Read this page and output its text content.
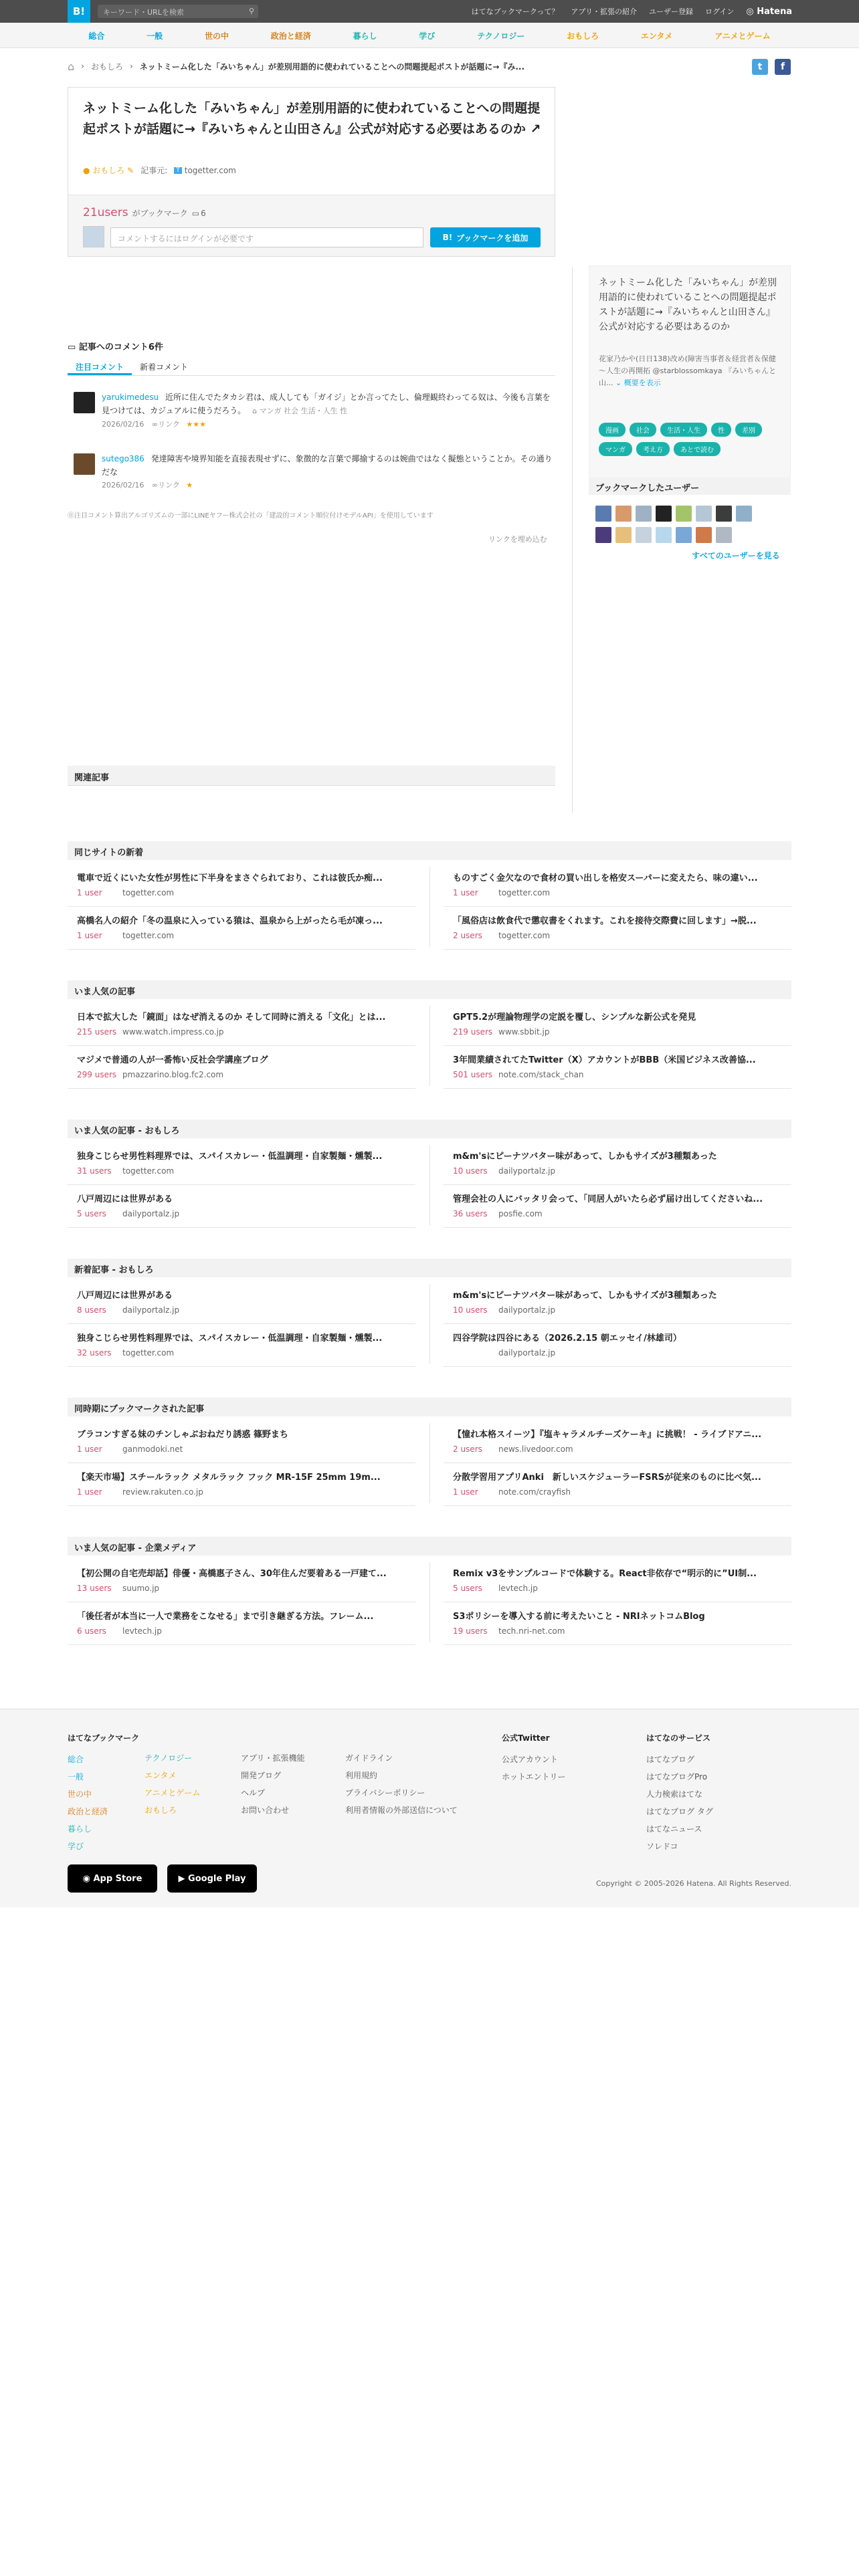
B!	キーワード・URLを検索	⚲	はてなブックマークって？ アプリ・拡張の紹介 ユーザー登録 ログイン ◎ Hatena
総合	一般	世の中	政治と経済	暮らし	学び	テクノロジー	おもしろ	エンタメ	アニメとゲーム
⌂ › おもしろ › ネットミーム化した「みいちゃん」が差別用語的に使われていることへの問題提起ポストが話題に→『み...	t	f
ネットミーム化した「みいちゃん」が差別用語的に使われていることへの問題提起ポストが話題に→『みいちゃんと山田さん』公式が対応する必要はあるのか ↗
● おもしろ ✎ 記事元:	T togetter.com
21users がブックマーク ▭ 6
コメントするにはログインが必要です	B! ブックマークを追加
▭ 記事へのコメント6件
注目コメント	新着コメント
yarukimedesu 近所に住んでたタカシ君は、成人しても「ガイジ」とか言ってたし、倫理観終わってる奴は、今後も言葉を見つけては、カジュアルに使うだろう。 ⌂ マンガ 社会 生活・人生 性
2026/02/16 ∞リンク ★★★
sutego386 発達障害や境界知能を直接表現せずに、象徴的な言葉で揶揄するのは婉曲ではなく擬態ということか。その通りだな
2026/02/16 ∞リンク ★
⓪注目コメント算出アルゴリズムの一部にLINEヤフー株式会社の「建設的コメント順位付けモデルAPI」を使用しています
リンクを埋め込む
関連記事
ネットミーム化した「みいちゃん」が差別用語的に使われていることへの問題提起ポストが話題に→『みいちゃんと山田さん』公式が対応する必要はあるのか
花家乃かや(日日138)改め(障害当事者＆経営者＆保健～人生の再開拓 @starblossomkaya 『みいちゃんと山... ⌄ 概要を表示
漫画	社会	生活・人生	性	差別
マンガ	考え方	あとで読む
ブックマークしたユーザー
すべてのユーザーを見る
同じサイトの新着
電車で近くにいた女性が男性に下半身をまさぐられており、これは彼氏か痴...
1 user	togetter.com
ものすごく金欠なので食材の買い出しを格安スーパーに変えたら、味の違い...
1 user	togetter.com
高橋名人の紹介「冬の温泉に入っている猿は、温泉から上がったら毛が凍っ...
1 user	togetter.com
「風俗店は飲食代で懲収書をくれます。これを接待交際費に回します」→脱...
2 users togetter.com
いま人気の記事
日本で拡大した「鏡面」はなぜ消えるのか そして同時に消える「文化」とは...
215 users www.watch.impress.co.jp
GPT5.2が理論物理学の定説を覆し、シンプルな新公式を発見
219 users www.sbbit.jp
マジメで普通の人が一番怖い反社会学講座ブログ
299 users pmazzarino.blog.fc2.com
3年間業績されてたTwitter（X）アカウントがBBB（米国ビジネス改善協...
501 users note.com/stack_chan
いま人気の記事 - おもしろ
独身こじらせ男性料理界では、スパイスカレー・低温調理・自家製麺・燻製...
31 users togetter.com
m&m'sにピーナツバター味があって、しかもサイズが3種類あった
10 users dailyportalz.jp
八戸周辺には世界がある
5 users dailyportalz.jp
管理会社の人にバッタリ会って、「同居人がいたら必ず届け出してくださいね...
36 users posfie.com
新着記事 - おもしろ
八戸周辺には世界がある
8 users dailyportalz.jp
m&m'sにピーナツバター味があって、しかもサイズが3種類あった
10 users dailyportalz.jp
独身こじらせ男性料理界では、スパイスカレー・低温調理・自家製麺・燻製...
32 users togetter.com
四谷学院は四谷にある（2026.2.15 朝エッセイ/林雄司）
dailyportalz.jp
同時期にブックマークされた記事
ブラコンすぎる妹のチンしゃぶおねだり誘惑 篠野まち
1 user	ganmodoki.net
【憧れ本格スイーツ】『塩キャラメルチーズケーキ』に挑戦！ - ライブドアニ...
2 users news.livedoor.com
【楽天市場】スチールラック メタルラック フック MR-15F 25mm 19m...
1 user	review.rakuten.co.jp
分散学習用アプリAnki　新しいスケジューラーFSRSが従来のものに比べ気...
1 user	note.com/crayfish
いま人気の記事 - 企業メディア
【初公開の自宅売却話】俳優・高橋惠子さん、30年住んだ要着ある一戸建て...
13 users suumo.jp
Remix v3をサンプルコードで体験する。React非依存で“明示的に”UI制...
5 users levtech.jp
「後任者が本当に一人で業務をこなせる」まで引き継ぎる方法。フレーム...
6 users levtech.jp
S3ポリシーを導入する前に考えたいこと - NRIネットコムBlog
19 users tech.nri-net.com
はてなブックマーク
総合
一般
世の中
政治と経済
暮らし
学び
テクノロジー
エンタメ
アニメとゲーム
おもしろ
アプリ・拡張機能
開発ブログ
ヘルプ
お問い合わせ
ガイドライン
利用規約
プライバシーポリシー
利用者情報の外部送信について
公式Twitter
公式アカウント
ホットエントリー
はてなのサービス
はてなブログ
はてなブログPro
人力検索はてな
はてなブログ タグ
はてなニュース
ソレドコ
◉ App Store	▶ Google Play	Copyright © 2005-2026 Hatena. All Rights Reserved.
